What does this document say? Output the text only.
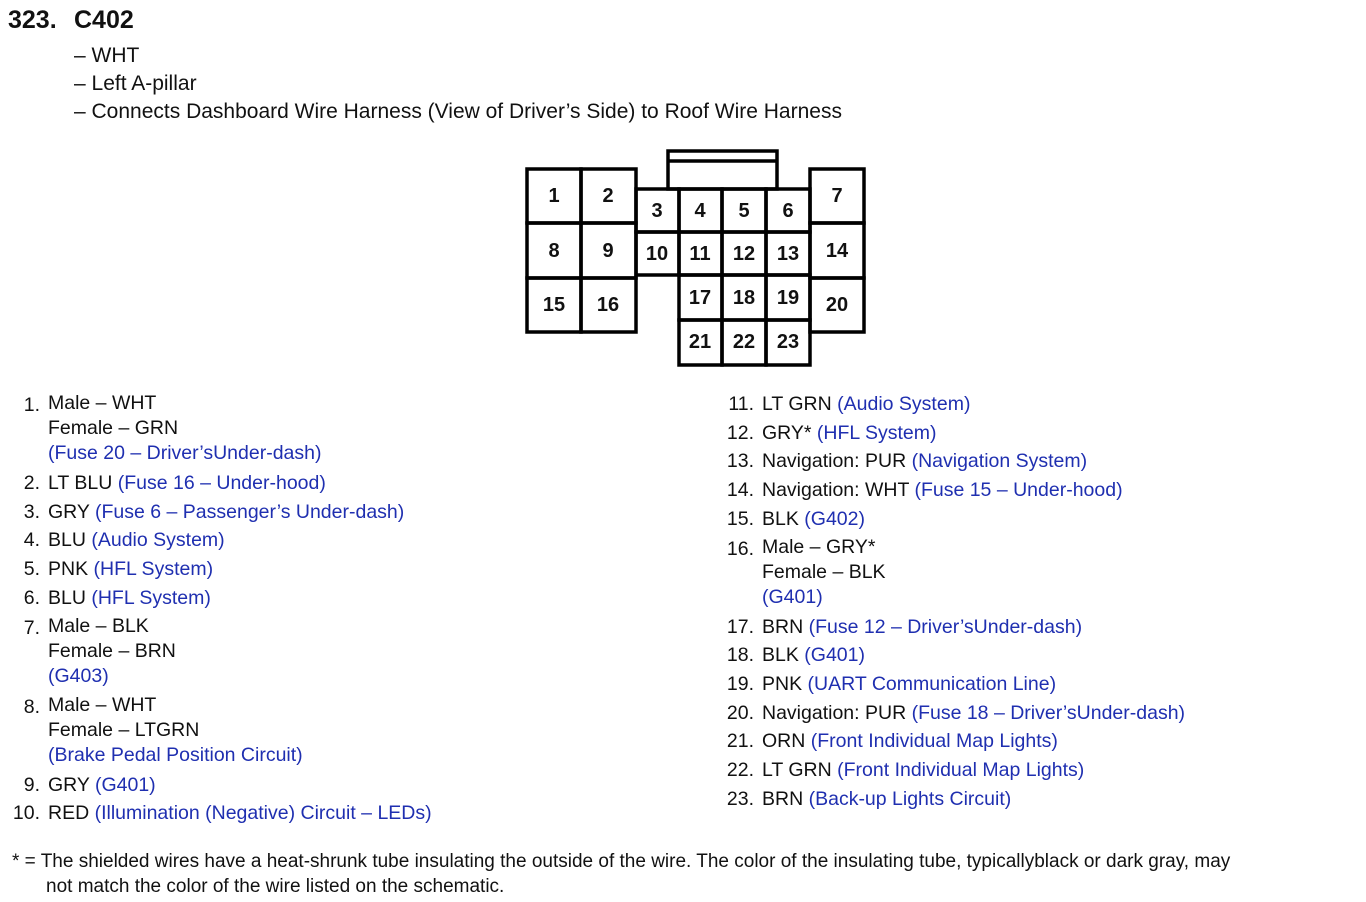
323. C402
– WHT
– Left A-pillar
– Connects Dashboard Wire Harness (View of Driver’s Side) to Roof Wire Harness
1 2
3 4 5 6
7
8 9 10 11 12 13 14
15 16	17 18 19 20
21 22 23
1. Male – WHT
Female – GRN
(Fuse 20 – Driver’sUnder-dash)
2. LT BLU (Fuse 16 – Under-hood)
3. GRY (Fuse 6 – Passenger’s Under-dash)
4. BLU (Audio System)
5. PNK (HFL System)
6. BLU (HFL System)
7. Male – BLK
Female – BRN
(G403)
8. Male – WHT
Female – LTGRN
(Brake Pedal Position Circuit)
9. GRY (G401)
10. RED (Illumination (Negative) Circuit – LEDs)
11. LT GRN (Audio System)
12. GRY* (HFL System)
13. Navigation: PUR (Navigation System)
14. Navigation: WHT (Fuse 15 – Under-hood)
15. BLK (G402)
16. Male – GRY*
Female – BLK
(G401)
17. BRN (Fuse 12 – Driver’sUnder-dash)
18. BLK (G401)
19. PNK (UART Communication Line)
20. Navigation: PUR (Fuse 18 – Driver’sUnder-dash)
21. ORN (Front Individual Map Lights)
22. LT GRN (Front Individual Map Lights)
23. BRN (Back-up Lights Circuit)
* = The shielded wires have a heat-shrunk tube insulating the outside of the wire. The color of the insulating tube, typicallyblack or dark gray, may
not match the color of the wire listed on the schematic.
